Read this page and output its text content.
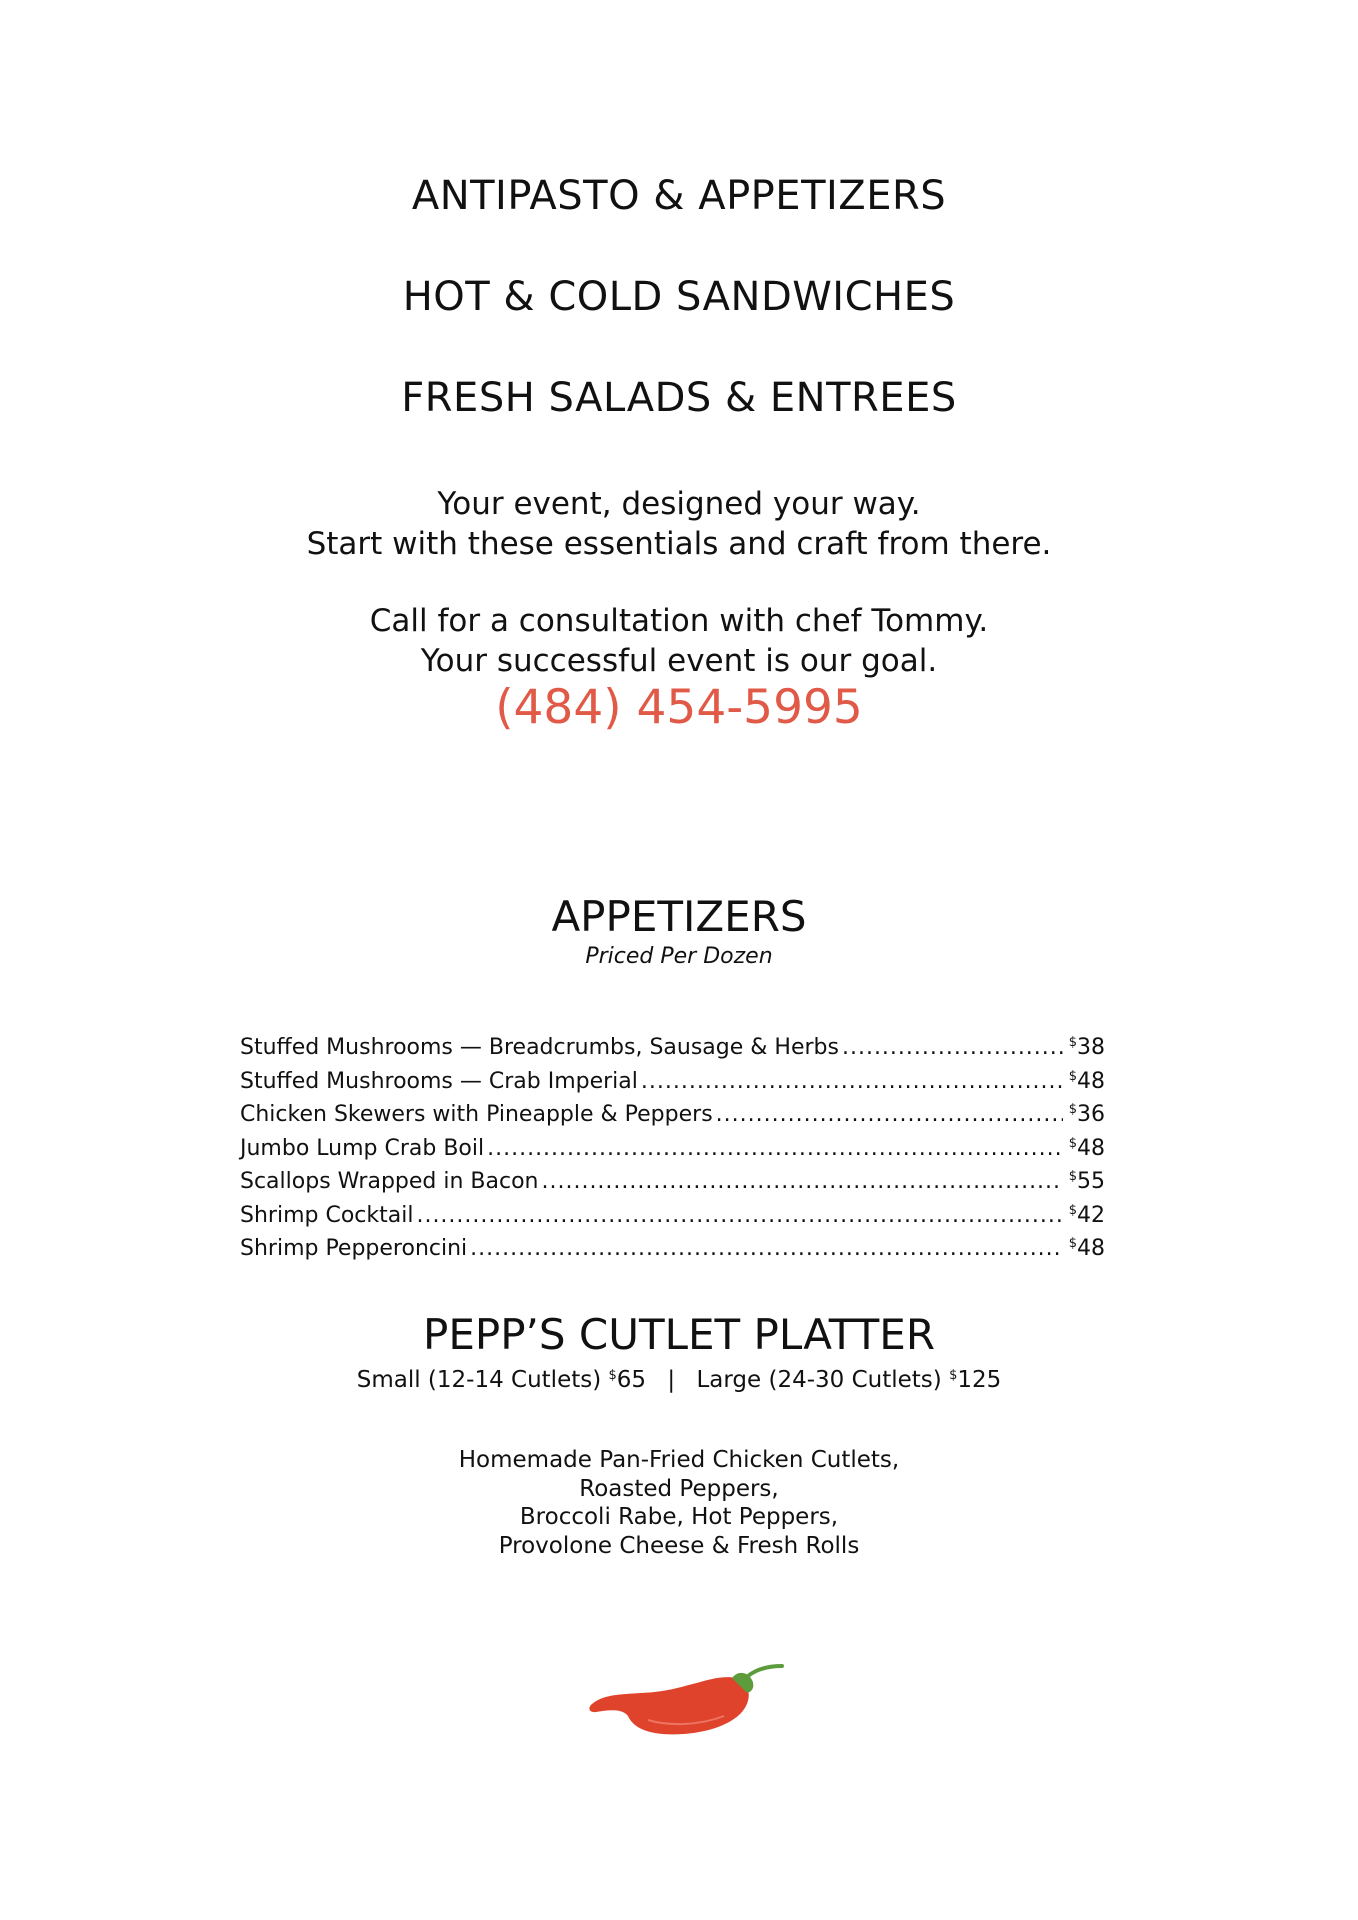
ANTIPASTO & APPETIZERS
HOT & COLD SANDWICHES
FRESH SALADS & ENTREES
Your event, designed your way.
Start with these essentials and craft from there.
Call for a consultation with chef Tommy.
Your successful event is our goal.
(484) 454-5995
APPETIZERS
Priced Per Dozen
Stuffed Mushrooms — Breadcrumbs, Sausage & Herbs .....	$38
Stuffed Mushrooms — Crab Imperial .....	$48
Chicken Skewers with Pineapple & Peppers .....	$36
Jumbo Lump Crab Boil .....	$48
Scallops Wrapped in Bacon .....	$55
Shrimp Cocktail .....	$42
Shrimp Pepperoncini .....	$48
PEPP’S CUTLET PLATTER
Small (12-14 Cutlets) $65 | Large (24-30 Cutlets) $125
Homemade Pan-Fried Chicken Cutlets,
Roasted Peppers,
Broccoli Rabe, Hot Peppers,
Provolone Cheese & Fresh Rolls
